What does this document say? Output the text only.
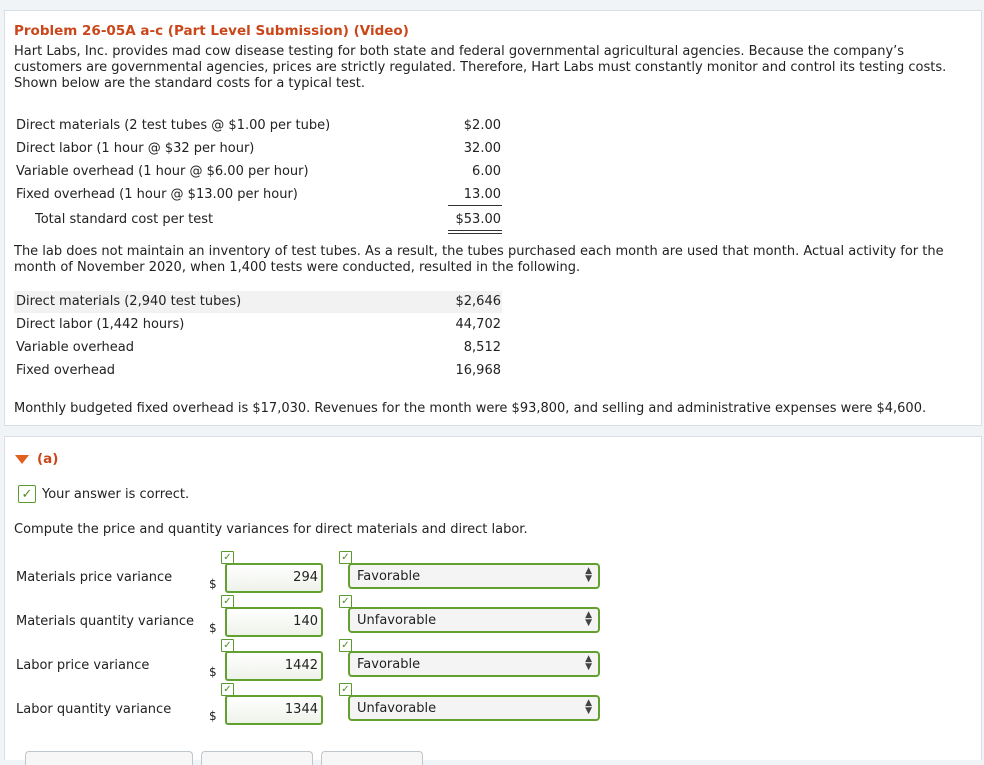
Problem 26-05A a-c (Part Level Submission) (Video)
Hart Labs, Inc. provides mad cow disease testing for both state and federal governmental agricultural agencies. Because the company’s customers are governmental agencies, prices are strictly regulated. Therefore, Hart Labs must constantly monitor and control its testing costs. Shown below are the standard costs for a typical test.
Direct materials (2 test tubes @ $1.00 per tube)	$2.00
Direct labor (1 hour @ $32 per hour)	32.00
Variable overhead (1 hour @ $6.00 per hour)	6.00
Fixed overhead (1 hour @ $13.00 per hour)	13.00
Total standard cost per test	$53.00
The lab does not maintain an inventory of test tubes. As a result, the tubes purchased each month are used that month. Actual activity for the month of November 2020, when 1,400 tests were conducted, resulted in the following.
Direct materials (2,940 test tubes)	$2,646
Direct labor (1,442 hours)	44,702
Variable overhead	8,512
Fixed overhead	16,968
Monthly budgeted fixed overhead is $17,030. Revenues for the month were $93,800, and selling and administrative expenses were $4,600.
(a)
✓ Your answer is correct.
Compute the price and quantity variances for direct materials and direct labor.
Materials price variance
✓
$	294
✓
Favorable	▲
▼
Materials quantity variance
✓
$	140
✓
Unfavorable	▲
▼
Labor price variance
✓
$	1442
✓
Favorable	▲
▼
Labor quantity variance
✓
$	1344
✓
Unfavorable	▲
▼
